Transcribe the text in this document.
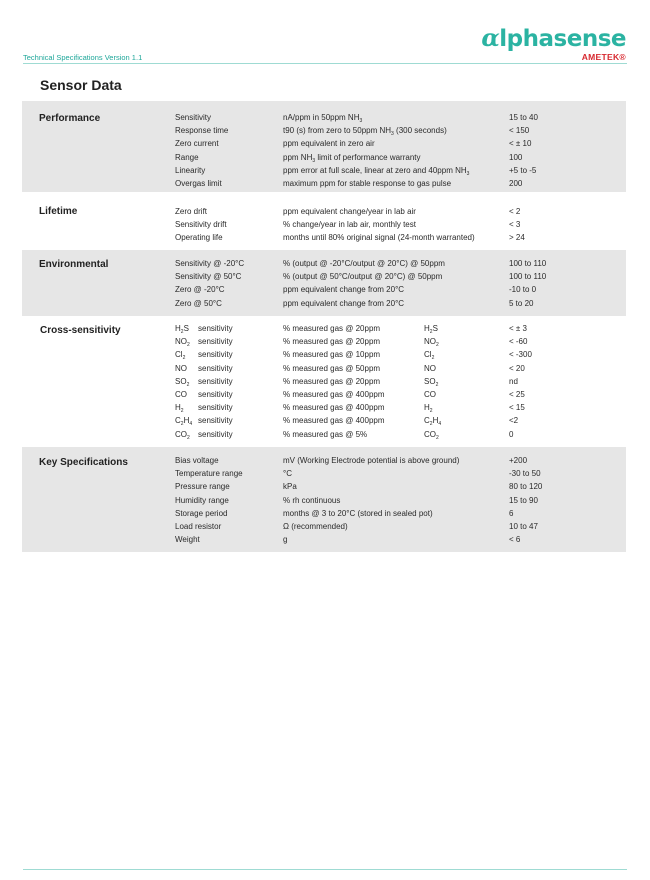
αlphasense
AMETEK®
Technical Specifications Version 1.1
Sensor Data
Performance	Sensitivity	nA/ppm in 50ppm $NH_3$	15 to 40
Response time	t90 (s) from zero to 50ppm $NH_3$ (300 seconds)	< 150
Zero current	ppm equivalent in zero air	< ± 10
Range	ppm $NH_3$ limit of performance warranty	100
Linearity	ppm error at full scale, linear at zero and 40ppm $NH_3$	+5 to -5
Overgas limit	maximum ppm for stable response to gas pulse	200
Lifetime	Zero drift	ppm equivalent change/year in lab air	< 2
Sensitivity drift	% change/year in lab air, monthly test	< 3
Operating life	months until 80% original signal (24-month warranted)	> 24
Environmental	Sensitivity @ -20°C	% (output @ -20°C/output @ 20°C) @ 50ppm	100 to 110
Sensitivity @ 50°C	% (output @ 50°C/output @ 20°C) @ 50ppm	100 to 110
Zero @ -20°C	ppm equivalent change from 20°C	-10 to 0
Zero @ 50°C	ppm equivalent change from 20°C	5 to 20
Cross-sensitivity	$H_2S$ sensitivity	% measured gas @ 20ppm	$H_2S$	< ± 3
$NO_2$ sensitivity	% measured gas @ 20ppm	$NO_2$	< -60
$Cl_2$ sensitivity	% measured gas @ 10ppm	$Cl_2$	< -300
NO sensitivity	% measured gas @ 50ppm	NO	< 20
$SO_2$ sensitivity	% measured gas @ 20ppm	$SO_2$	nd
CO sensitivity	% measured gas @ 400ppm	CO	< 25
$H_2$ sensitivity	% measured gas @ 400ppm	$H_2$	< 15
$C_2H_4$ sensitivity	% measured gas @ 400ppm	$C_2H_4$	<2
$CO_2$ sensitivity	% measured gas @ 5%	$CO_2$	0
Key Specifications	Bias voltage	mV (Working Electrode potential is above ground)	+200
Temperature range	°C	-30 to 50
Pressure range	kPa	80 to 120
Humidity range	% rh continuous	15 to 90
Storage period	months @ 3 to 20°C (stored in sealed pot)	6
Load resistor	Ω (recommended)	10 to 47
Weight	g	< 6
